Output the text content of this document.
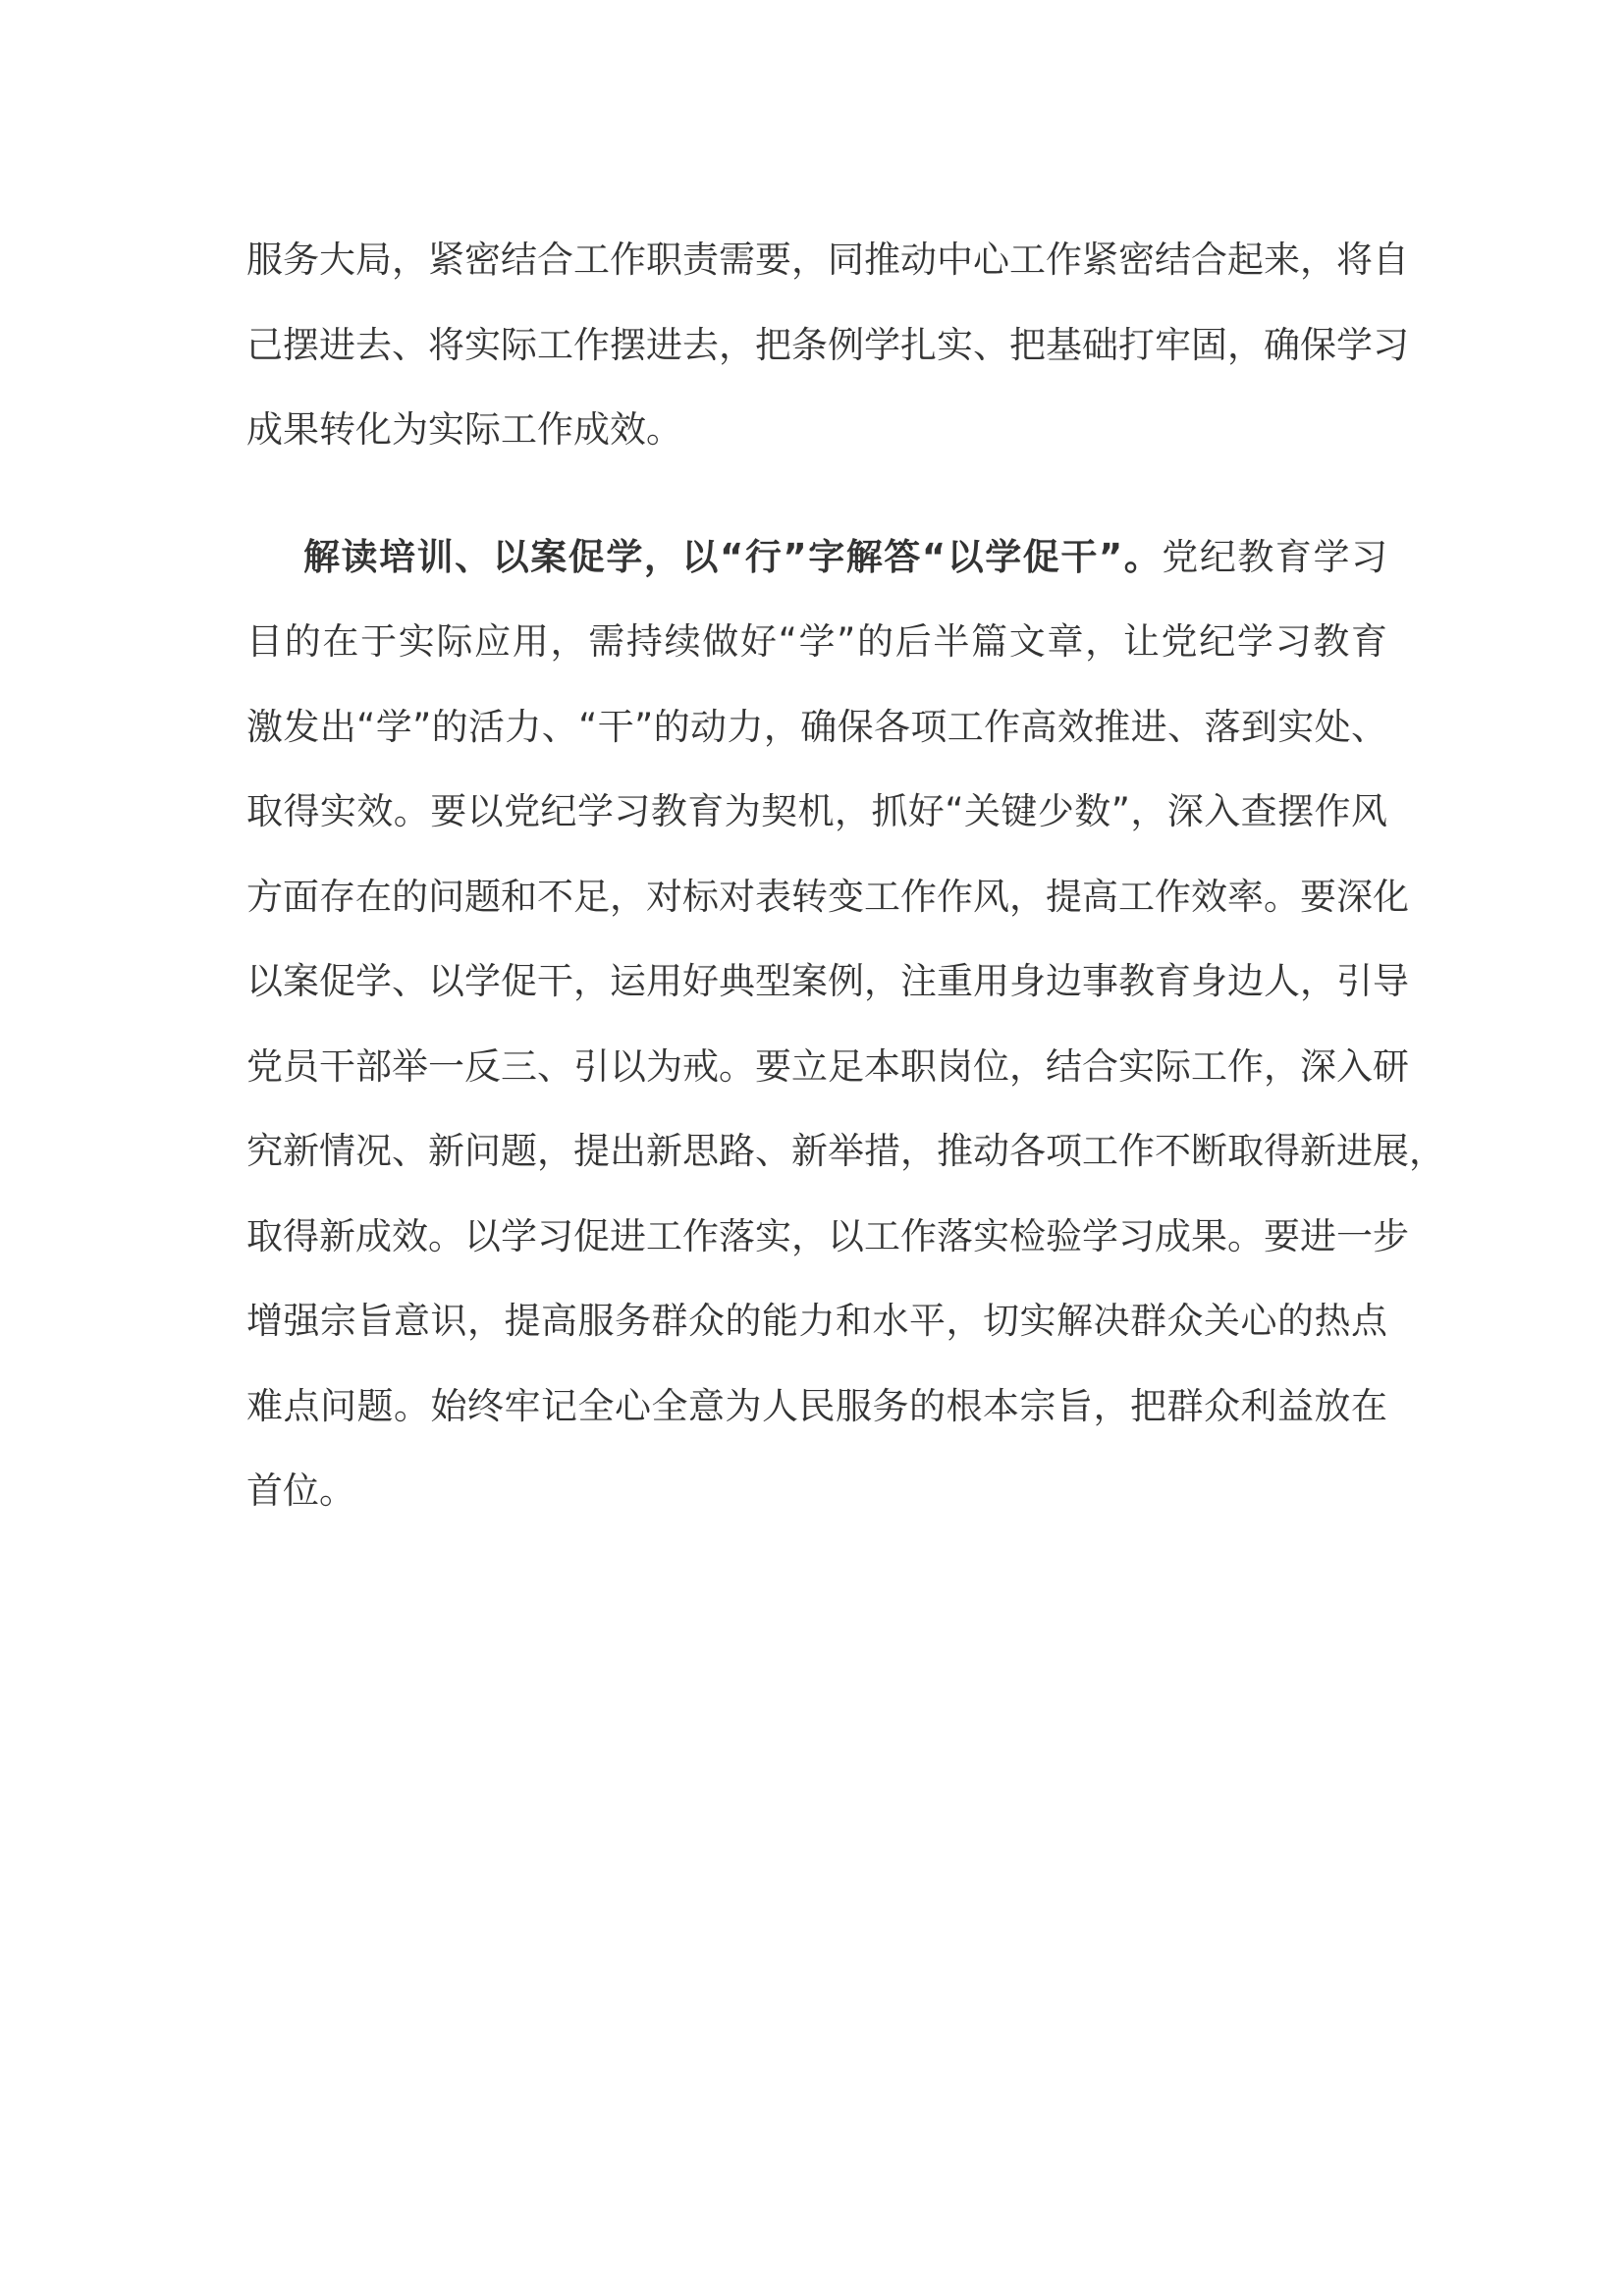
服务大局，紧密结合工作职责需要，同推动中心工作紧密结合起来，将自
己摆进去、将实际工作摆进去，把条例学扎实、把基础打牢固，确保学习
成果转化为实际工作成效。
解读培训、以案促学，以“行”字解答“以学促干”。党纪教育学习
目的在于实际应用，需持续做好“学”的后半篇文章，让党纪学习教育
激发出“学”的活力、“干”的动力，确保各项工作高效推进、落到实处、
取得实效。要以党纪学习教育为契机，抓好“关键少数”，深入查摆作风
方面存在的问题和不足，对标对表转变工作作风，提高工作效率。要深化
以案促学、以学促干，运用好典型案例，注重用身边事教育身边人，引导
党员干部举一反三、引以为戒。要立足本职岗位，结合实际工作，深入研
究新情况、新问题，提出新思路、新举措，推动各项工作不断取得新进展，
取得新成效。以学习促进工作落实，以工作落实检验学习成果。要进一步
增强宗旨意识，提高服务群众的能力和水平，切实解决群众关心的热点
难点问题。始终牢记全心全意为人民服务的根本宗旨，把群众利益放在
首位。
